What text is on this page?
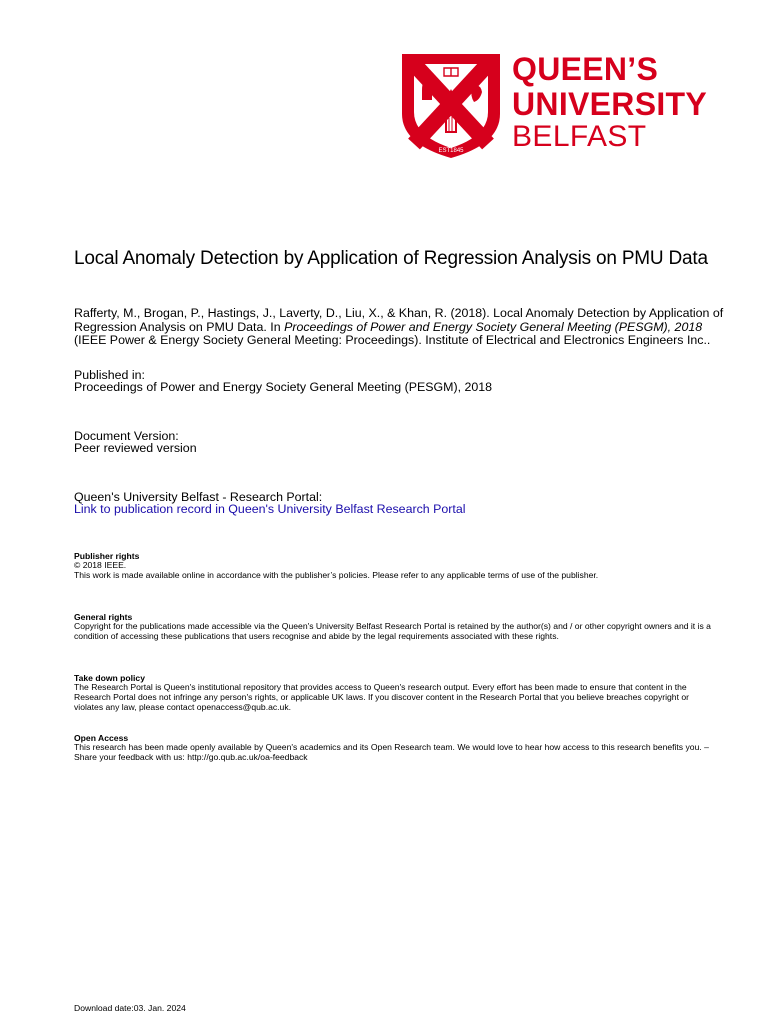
EST1845
QUEEN’S
UNIVERSITY
BELFAST
Local Anomaly Detection by Application of Regression Analysis on PMU Data
Rafferty, M., Brogan, P., Hastings, J., Laverty, D., Liu, X., & Khan, R. (2018). Local Anomaly Detection by Application of Regression Analysis on PMU Data. In Proceedings of Power and Energy Society General Meeting (PESGM), 2018 (IEEE Power & Energy Society General Meeting: Proceedings). Institute of Electrical and Electronics Engineers Inc..
Published in:
Proceedings of Power and Energy Society General Meeting (PESGM), 2018
Document Version:
Peer reviewed version
Queen's University Belfast - Research Portal:
Link to publication record in Queen's University Belfast Research Portal
Publisher rights

© 2018 IEEE.

This work is made available online in accordance with the publisher’s policies. Please refer to any applicable terms of use of the publisher.

General rights
Copyright for the publications made accessible via the Queen's University Belfast Research Portal is retained by the author(s) and / or other copyright owners and it is a condition of accessing these publications that users recognise and abide by the legal requirements associated with these rights.
Take down policy
The Research Portal is Queen's institutional repository that provides access to Queen's research output. Every effort has been made to ensure that content in the Research Portal does not infringe any person's rights, or applicable UK laws. If you discover content in the Research Portal that you believe breaches copyright or violates any law, please contact openaccess@qub.ac.uk.
Open Access
This research has been made openly available by Queen's academics and its Open Research team. We would love to hear how access to this research benefits you. – Share your feedback with us: http://go.qub.ac.uk/oa-feedback
Download date:03. Jan. 2024
